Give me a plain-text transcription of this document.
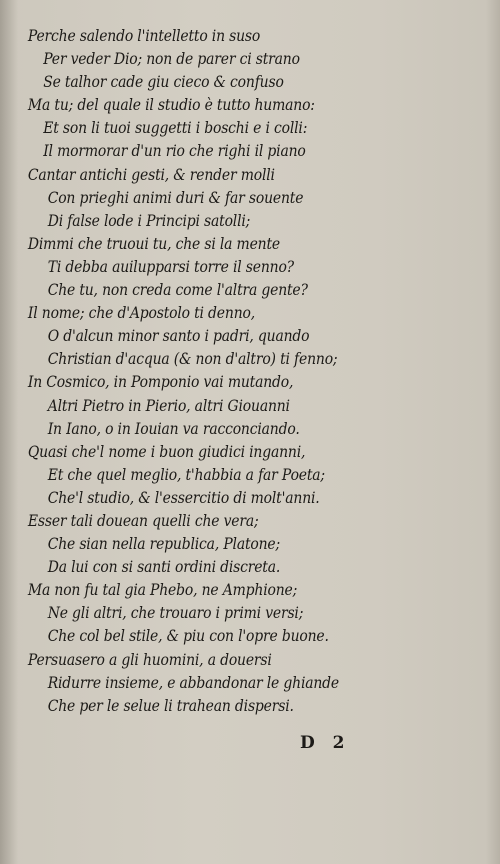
Perche salendo l'intelletto in suso
Per veder Dio; non de parer ci strano
Se talhor cade giu cieco & confuso
Ma tu; del quale il studio è tutto humano:
Et son li tuoi suggetti i boschi e i colli:
Il mormorar d'un rio che righi il piano
Cantar antichi gesti, & render molli
Con prieghi animi duri & far souente
Di false lode i Principi satolli;
Dimmi che truoui tu, che si la mente
Ti debba auilupparsi torre il senno?
Che tu, non creda come l'altra gente?
Il nome; che d'Apostolo ti denno,
O d'alcun minor santo i padri, quando
Christian d'acqua (& non d'altro) ti fenno;
In Cosmico, in Pomponio vai mutando,
Altri Pietro in Pierio, altri Giouanni
In Iano, o in Iouian va racconciando.
Quasi che'l nome i buon giudici inganni,
Et che quel meglio, t'habbia a far Poeta;
Che'l studio, & l'essercitio di molt'anni.
Esser tali douean quelli che vera;
Che sian nella republica, Platone;
Da lui con si santi ordini discreta.
Ma non fu tal gia Phebo, ne Amphione;
Ne gli altri, che trouaro i primi versi;
Che col bel stile, & piu con l'opre buone.
Persuasero a gli huomini, a douersi
Ridurre insieme, e abbandonar le ghiande
Che per le selue li trahean dispersi.
D 2
